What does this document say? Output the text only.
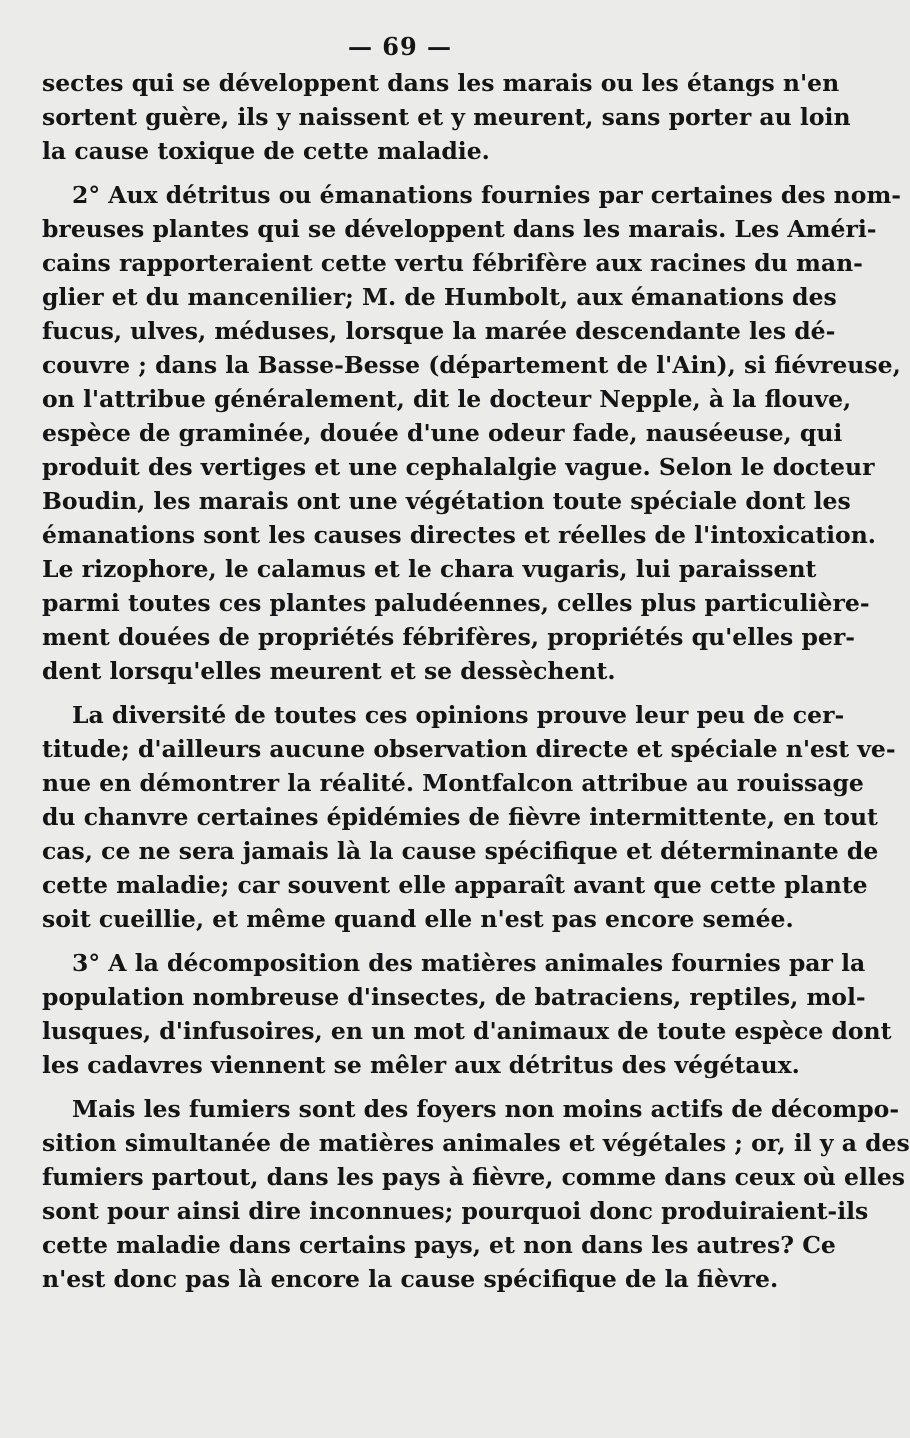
— 69 —

sectes qui se développent dans les marais ou les étangs n'en
sortent guère, ils y naissent et y meurent, sans porter au loin
la cause toxique de cette maladie.

2° Aux détritus ou émanations fournies par certaines des nom-
breuses plantes qui se développent dans les marais. Les Améri-
cains rapporteraient cette vertu fébrifère aux racines du man-
glier et du mancenilier; M. de Humbolt, aux émanations des
fucus, ulves, méduses, lorsque la marée descendante les dé-
couvre ; dans la Basse-Besse (département de l'Ain), si fiévreuse,
on l'attribue généralement, dit le docteur Nepple, à la flouve,
espèce de graminée, douée d'une odeur fade, nauséeuse, qui
produit des vertiges et une cephalalgie vague. Selon le docteur
Boudin, les marais ont une végétation toute spéciale dont les
émanations sont les causes directes et réelles de l'intoxication.
Le rizophore, le calamus et le chara vugaris, lui paraissent
parmi toutes ces plantes paludéennes, celles plus particulière-
ment douées de propriétés fébrifères, propriétés qu'elles per-
dent lorsqu'elles meurent et se dessèchent.

La diversité de toutes ces opinions prouve leur peu de cer-
titude; d'ailleurs aucune observation directe et spéciale n'est ve-
nue en démontrer la réalité. Montfalcon attribue au rouissage
du chanvre certaines épidémies de fièvre intermittente, en tout
cas, ce ne sera jamais là la cause spécifique et déterminante de
cette maladie; car souvent elle apparaît avant que cette plante
soit cueillie, et même quand elle n'est pas encore semée.

3° A la décomposition des matières animales fournies par la
population nombreuse d'insectes, de batraciens, reptiles, mol-
lusques, d'infusoires, en un mot d'animaux de toute espèce dont
les cadavres viennent se mêler aux détritus des végétaux.

Mais les fumiers sont des foyers non moins actifs de décompo-
sition simultanée de matières animales et végétales ; or, il y a des
fumiers partout, dans les pays à fièvre, comme dans ceux où elles
sont pour ainsi dire inconnues; pourquoi donc produiraient-ils
cette maladie dans certains pays, et non dans les autres? Ce
n'est donc pas là encore la cause spécifique de la fièvre.
